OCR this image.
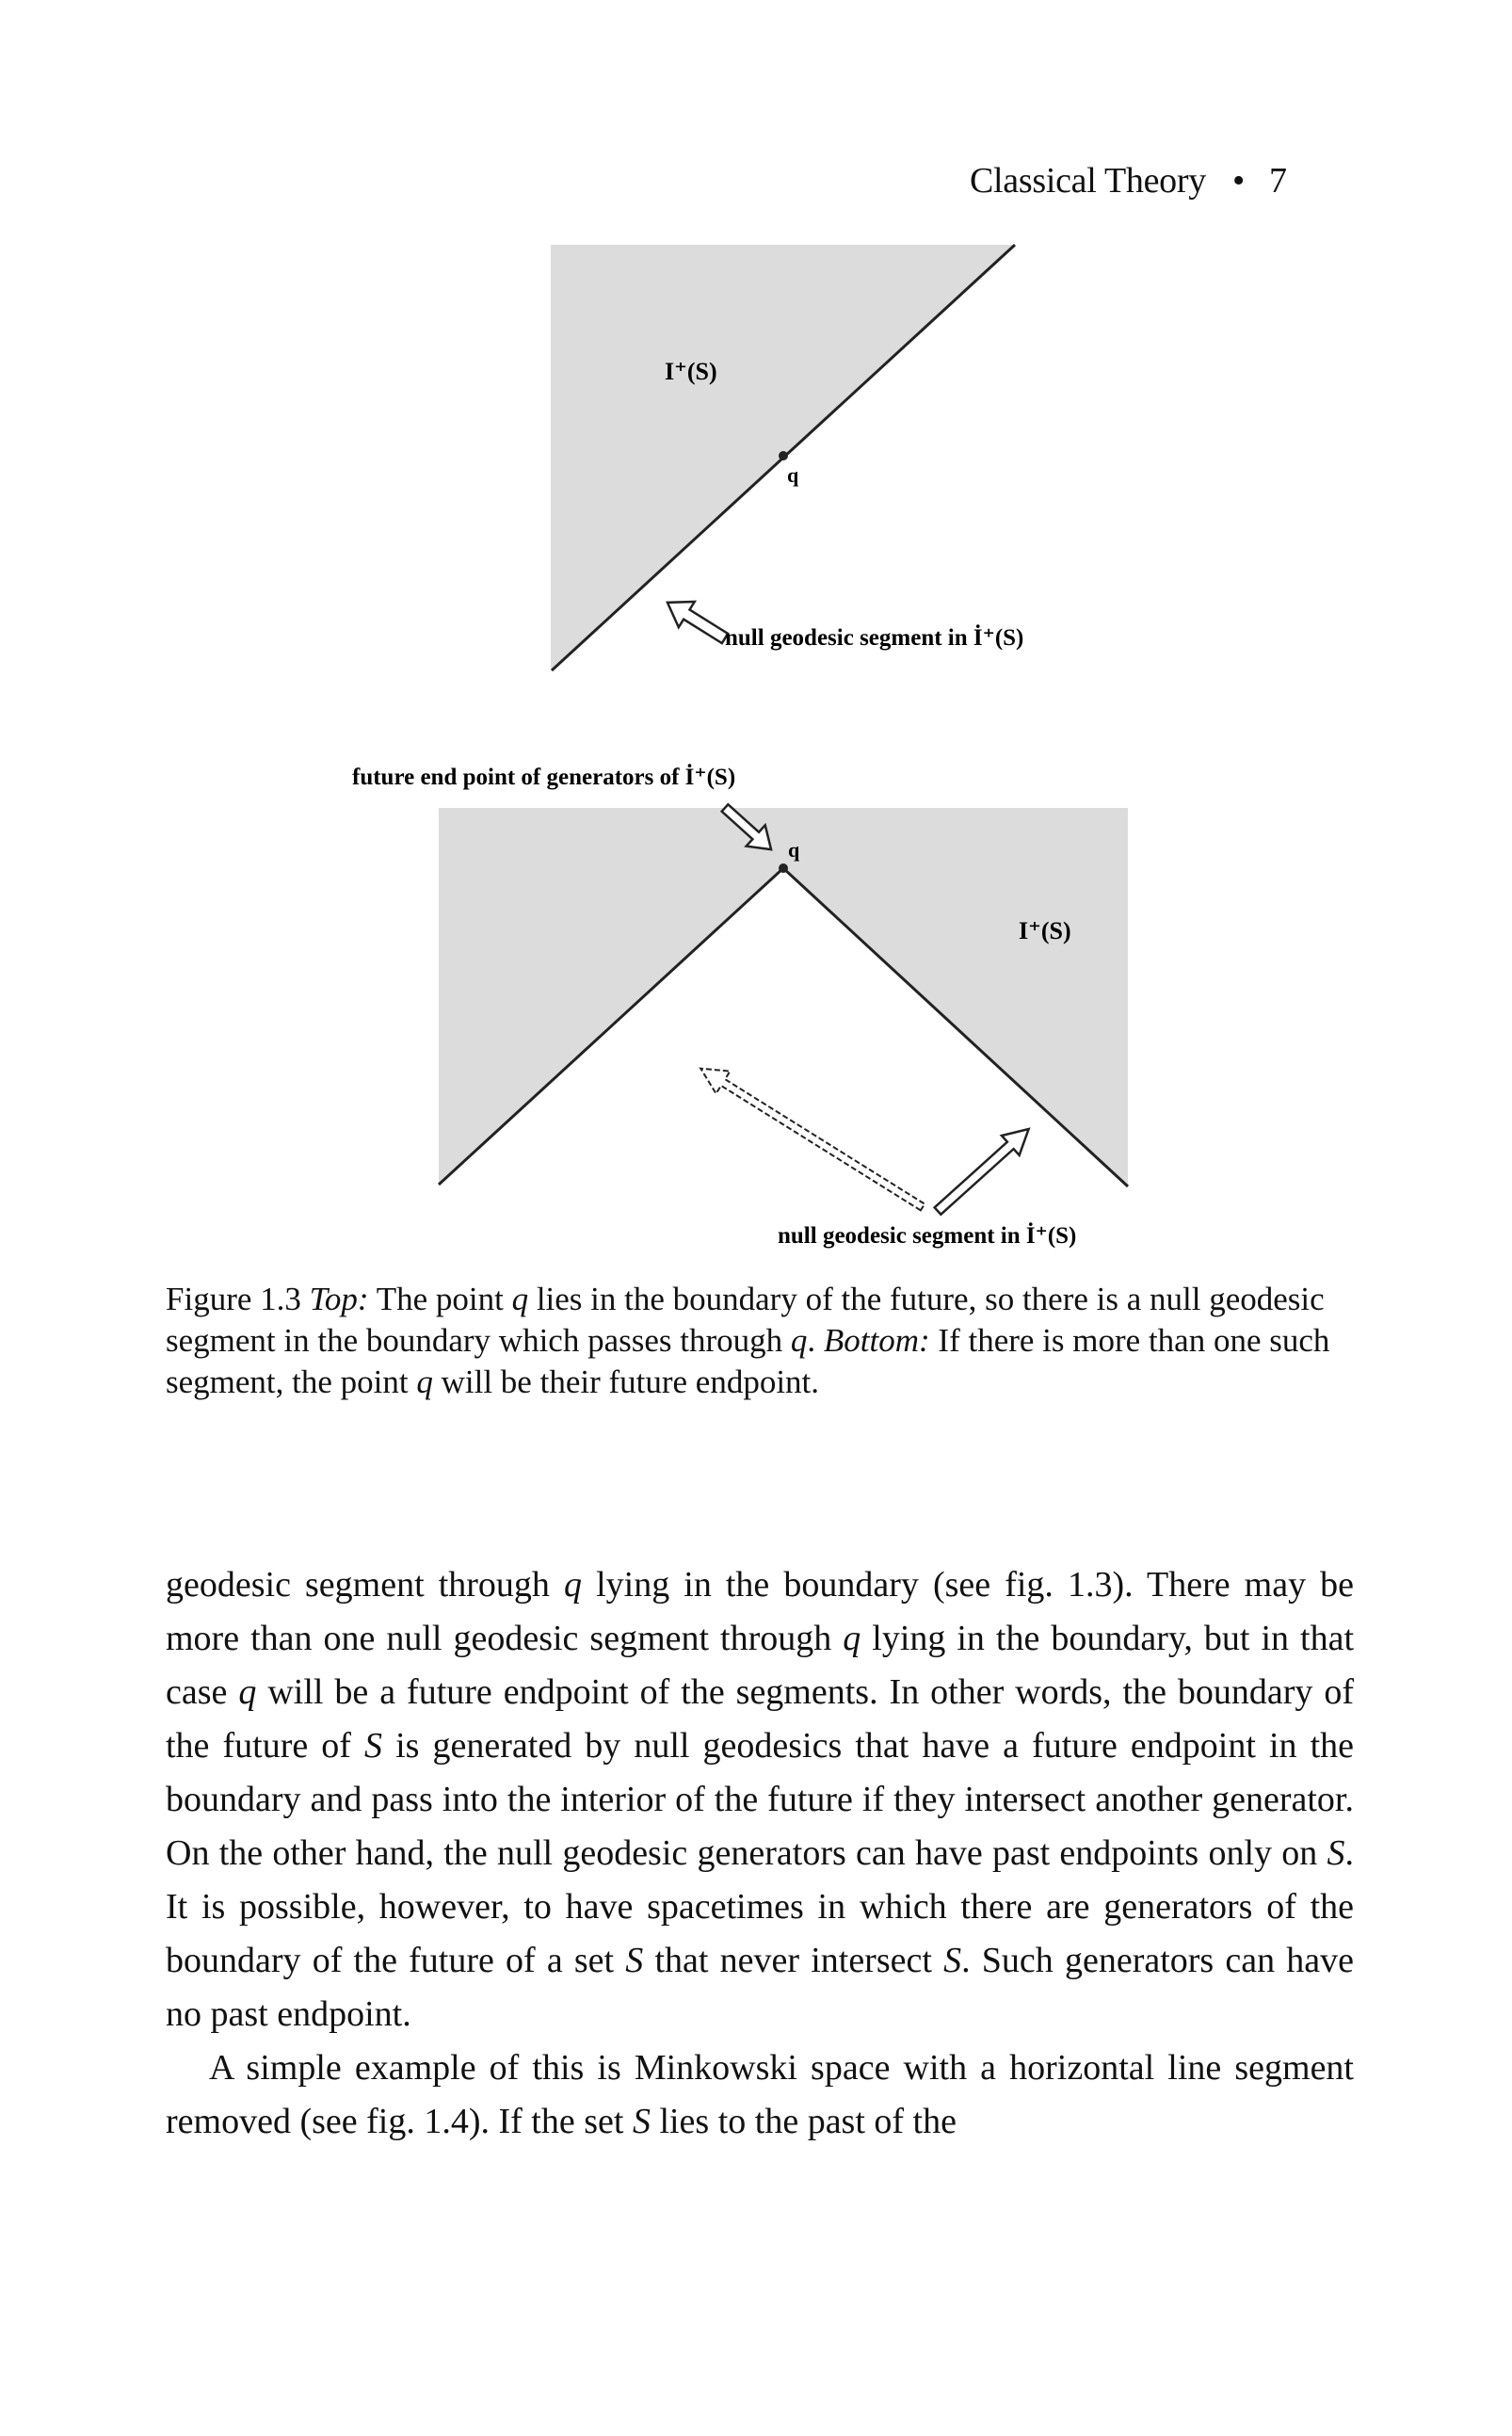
Classical Theory • 7
I⁺(S)
q
null geodesic segment in İ⁺(S)
future end point of generators of İ⁺(S)
q
I⁺(S)
null geodesic segment in İ⁺(S)

Figure 1.3 Top: The point q lies in the boundary of the future, so there is a null geodesic segment in the boundary which passes through q. Bottom: If there is more than one such segment, the point q will be their future endpoint.

geodesic segment through q lying in the boundary (see fig. 1.3). There may be more than one null geodesic segment through q lying in the boundary, but in that case q will be a future endpoint of the segments. In other words, the boundary of the future of S is generated by null geodesics that have a future endpoint in the boundary and pass into the interior of the future if they intersect another generator. On the other hand, the null geodesic generators can have past endpoints only on S. It is possible, however, to have spacetimes in which there are generators of the boundary of the future of a set S that never intersect S. Such generators can have no past endpoint.

A simple example of this is Minkowski space with a horizontal line segment removed (see fig. 1.4). If the set S lies to the past of the
